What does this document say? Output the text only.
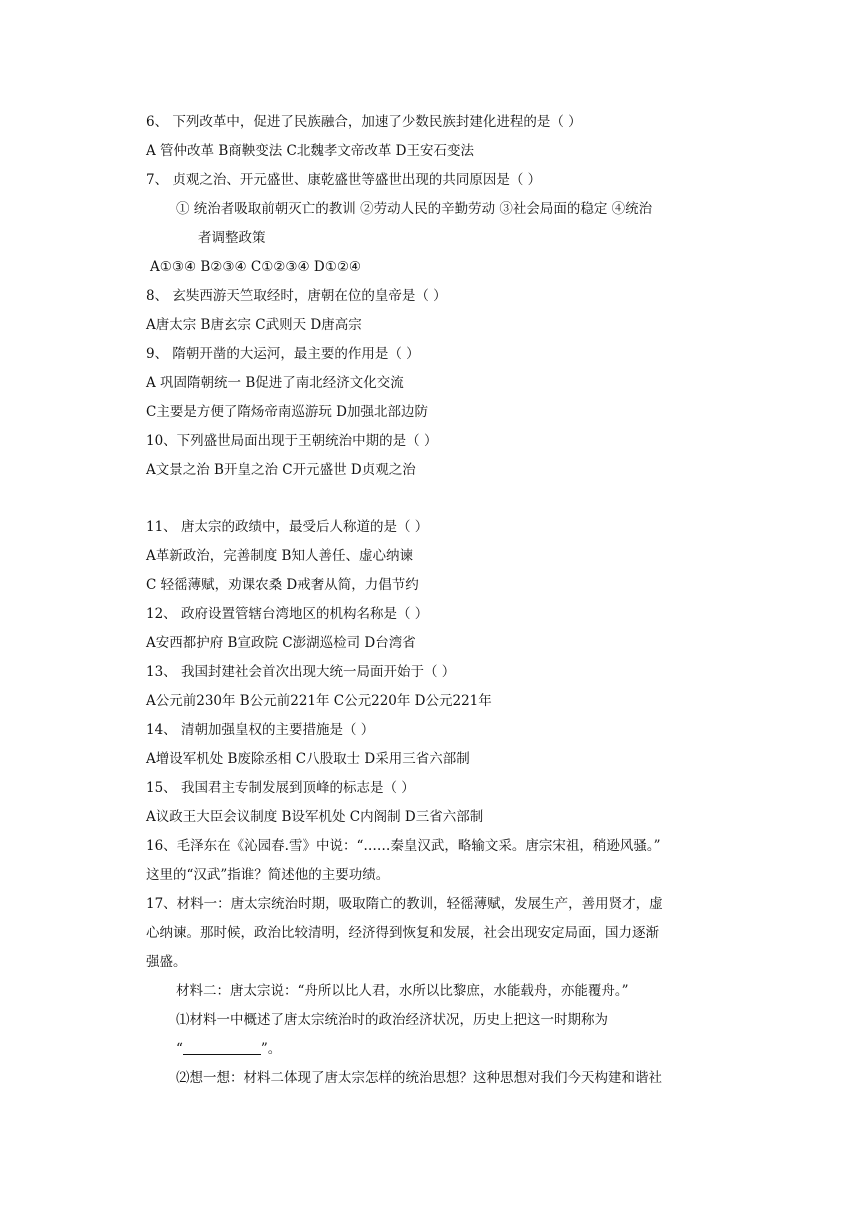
6、 下列改革中，促进了民族融合，加速了少数民族封建化进程的是（ ）
A 管仲改革 B商鞅变法 C北魏孝文帝改革 D王安石变法
7、 贞观之治、开元盛世、康乾盛世等盛世出现的共同原因是（ ）
① 统治者吸取前朝灭亡的教训 ②劳动人民的辛勤劳动 ③社会局面的稳定 ④统治
者调整政策
A①③④ B②③④ C①②③④ D①②④
8、 玄奘西游天竺取经时，唐朝在位的皇帝是（ ）
A唐太宗 B唐玄宗 C武则天 D唐高宗
9、 隋朝开凿的大运河，最主要的作用是（ ）
A 巩固隋朝统一 B促进了南北经济文化交流
C主要是方便了隋炀帝南巡游玩 D加强北部边防
10、下列盛世局面出现于王朝统治中期的是（ ）
A文景之治 B开皇之治 C开元盛世 D贞观之治
11、 唐太宗的政绩中，最受后人称道的是（ ）
A革新政治，完善制度 B知人善任、虚心纳谏
C 轻徭薄赋，劝课农桑 D戒奢从简，力倡节约
12、 政府设置管辖台湾地区的机构名称是（ ）
A安西都护府 B宣政院 C澎湖巡检司 D台湾省
13、 我国封建社会首次出现大统一局面开始于（ ）
A公元前230年 B公元前221年 C公元220年 D公元221年
14、 清朝加强皇权的主要措施是（ ）
A增设军机处 B废除丞相 C八股取士 D采用三省六部制
15、 我国君主专制发展到顶峰的标志是（ ）
A议政王大臣会议制度 B设军机处 C内阁制 D三省六部制
16、毛泽东在《沁园春.雪》中说：“……秦皇汉武，略输文采。唐宗宋祖，稍逊风骚。”
这里的“汉武”指谁？简述他的主要功绩。
17、材料一：唐太宗统治时期，吸取隋亡的教训，轻徭薄赋，发展生产，善用贤才，虚
心纳谏。那时候，政治比较清明，经济得到恢复和发展，社会出现安定局面，国力逐渐
强盛。
材料二：唐太宗说：“舟所以比人君，水所以比黎庶，水能载舟，亦能覆舟。”
⑴材料一中概述了唐太宗统治时的政治经济状况，历史上把这一时期称为
“	”。
⑵想一想：材料二体现了唐太宗怎样的统治思想？这种思想对我们今天构建和谐社
